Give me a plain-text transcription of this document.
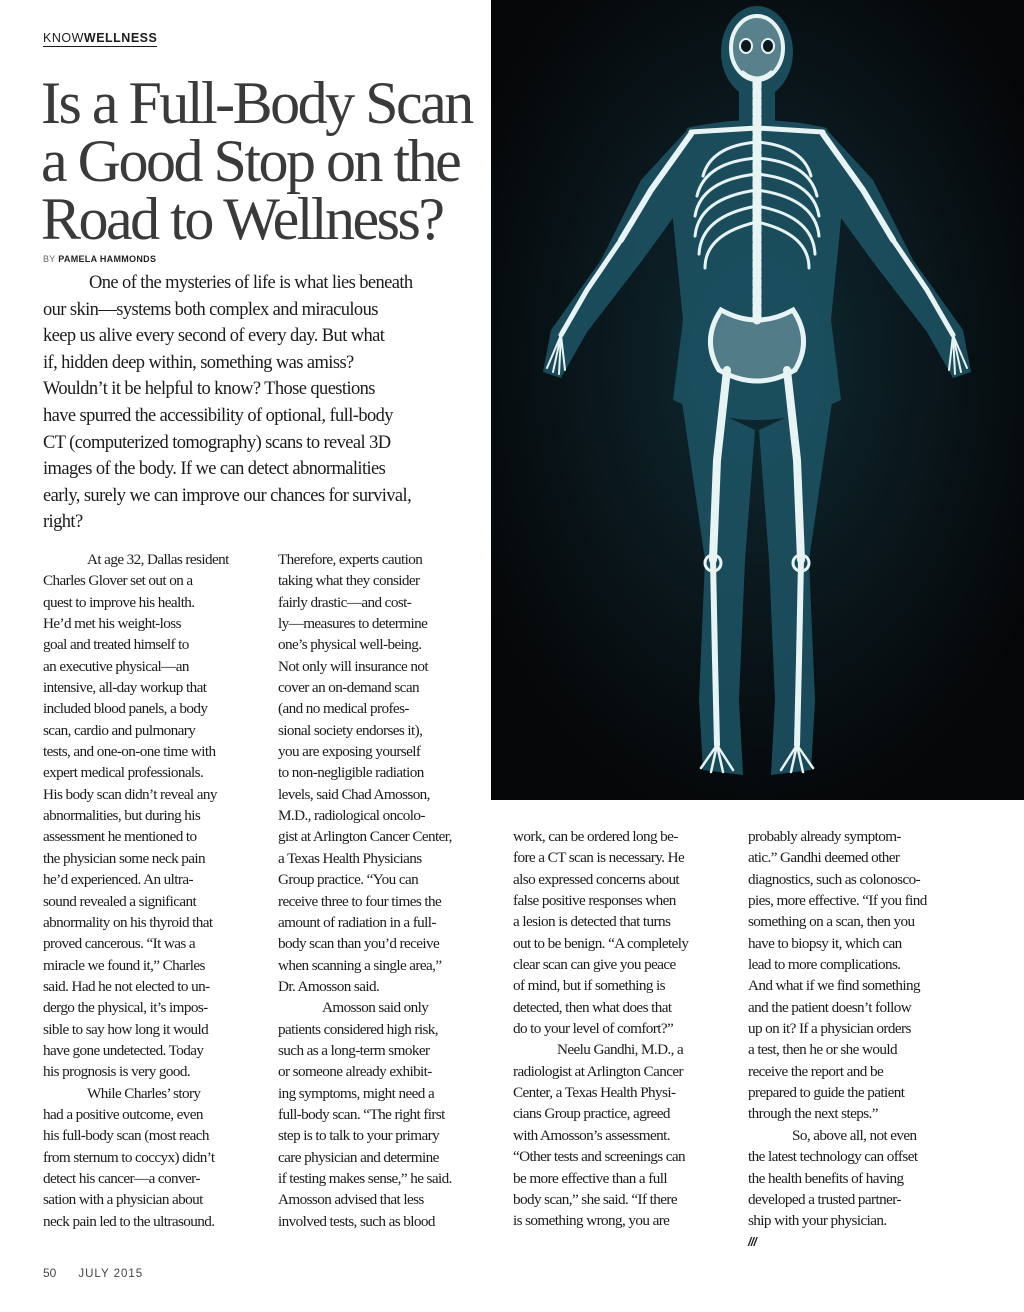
KNOWWELLNESS
Is a Full-Body Scan
a Good Stop on the
Road to Wellness?
BY PAMELA HAMMONDS
One of the mysteries of life is what lies beneath
our skin—systems both complex and miraculous
keep us alive every second of every day. But what
if, hidden deep within, something was amiss?
Wouldn’t it be helpful to know? Those questions
have spurred the accessibility of optional, full-body
CT (computerized tomography) scans to reveal 3D
images of the body. If we can detect abnormalities
early, surely we can improve our chances for survival,
right?
At age 32, Dallas resident
Charles Glover set out on a
quest to improve his health.
He’d met his weight-loss
goal and treated himself to
an executive physical—an
intensive, all-day workup that
included blood panels, a body
scan, cardio and pulmonary
tests, and one-on-one time with
expert medical professionals.
His body scan didn’t reveal any
abnormalities, but during his
assessment he mentioned to
the physician some neck pain
he’d experienced. An ultra-
sound revealed a significant
abnormality on his thyroid that
proved cancerous. “It was a
miracle we found it,” Charles
said. Had he not elected to un-
dergo the physical, it’s impos-
sible to say how long it would
have gone undetected. Today
his prognosis is very good.
While Charles’ story
had a positive outcome, even
his full-body scan (most reach
from sternum to coccyx) didn’t
detect his cancer—a conver-
sation with a physician about
neck pain led to the ultrasound.
Therefore, experts caution
taking what they consider
fairly drastic—and cost-
ly—measures to determine
one’s physical well-being.
Not only will insurance not
cover an on-demand scan
(and no medical profes-
sional society endorses it),
you are exposing yourself
to non-negligible radiation
levels, said Chad Amosson,
M.D., radiological oncolo-
gist at Arlington Cancer Center,
a Texas Health Physicians
Group practice. “You can
receive three to four times the
amount of radiation in a full-
body scan than you’d receive
when scanning a single area,”
Dr. Amosson said.
Amosson said only
patients considered high risk,
such as a long-term smoker
or someone already exhibit-
ing symptoms, might need a
full-body scan. “The right first
step is to talk to your primary
care physician and determine
if testing makes sense,” he said.
Amosson advised that less
involved tests, such as blood
work, can be ordered long be-
fore a CT scan is necessary. He
also expressed concerns about
false positive responses when
a lesion is detected that turns
out to be benign. “A completely
clear scan can give you peace
of mind, but if something is
detected, then what does that
do to your level of comfort?”
Neelu Gandhi, M.D., a
radiologist at Arlington Cancer
Center, a Texas Health Physi-
cians Group practice, agreed
with Amosson’s assessment.
“Other tests and screenings can
be more effective than a full
body scan,” she said. “If there
is something wrong, you are
probably already symptom-
atic.” Gandhi deemed other
diagnostics, such as colonosco-
pies, more effective. “If you find
something on a scan, then you
have to biopsy it, which can
lead to more complications.
And what if we find something
and the patient doesn’t follow
up on it? If a physician orders
a test, then he or she would
receive the report and be
prepared to guide the patient
through the next steps.”
So, above all, not even
the latest technology can offset
the health benefits of having
developed a trusted partner-
ship with your physician.
///
50 JULY 2015
